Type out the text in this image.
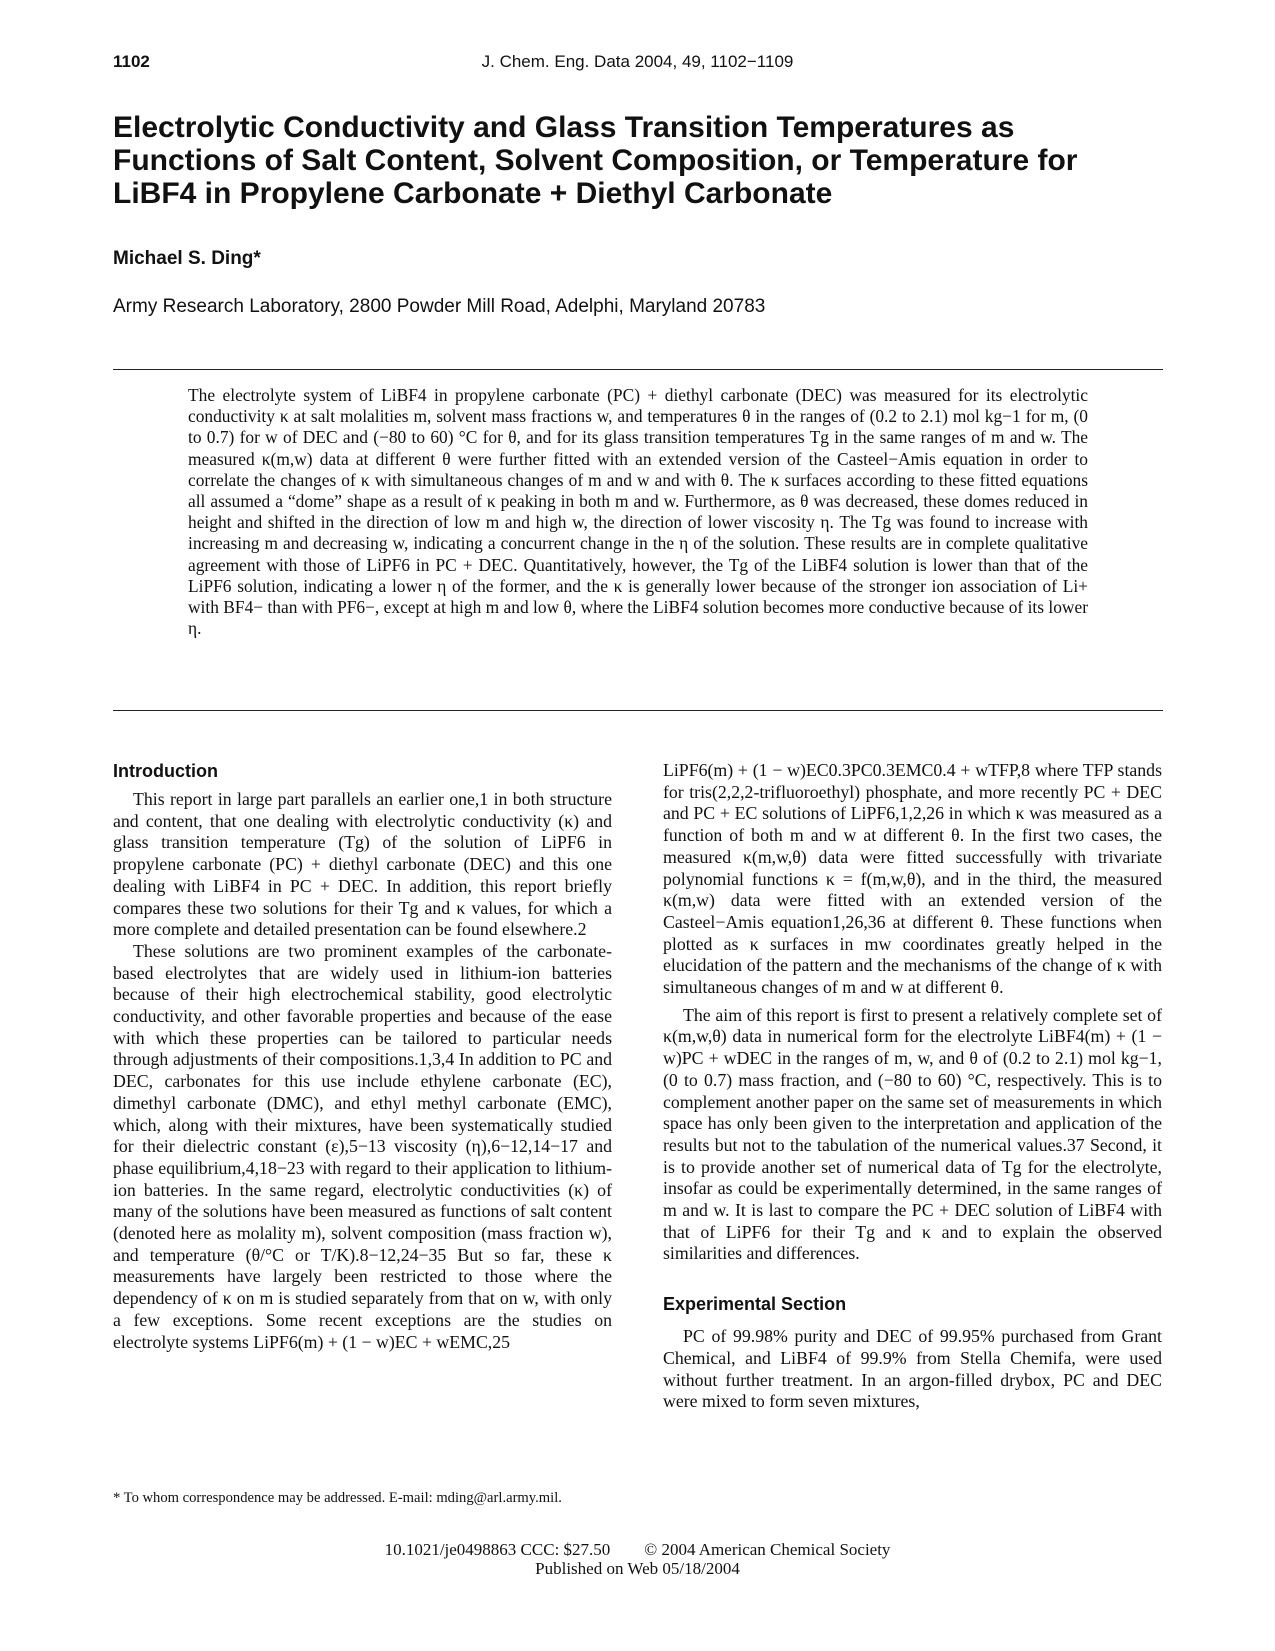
1102	J. Chem. Eng. Data 2004, 49, 1102−1109
Electrolytic Conductivity and Glass Transition Temperatures as Functions of Salt Content, Solvent Composition, or Temperature for LiBF4 in Propylene Carbonate + Diethyl Carbonate

Michael S. Ding*

Army Research Laboratory, 2800 Powder Mill Road, Adelphi, Maryland 20783

The electrolyte system of LiBF4 in propylene carbonate (PC) + diethyl carbonate (DEC) was measured for its electrolytic conductivity κ at salt molalities m, solvent mass fractions w, and temperatures θ in the ranges of (0.2 to 2.1) mol kg−1 for m, (0 to 0.7) for w of DEC and (−80 to 60) °C for θ, and for its glass transition temperatures Tg in the same ranges of m and w. The measured κ(m,w) data at different θ were further fitted with an extended version of the Casteel−Amis equation in order to correlate the changes of κ with simultaneous changes of m and w and with θ. The κ surfaces according to these fitted equations all assumed a “dome” shape as a result of κ peaking in both m and w. Furthermore, as θ was decreased, these domes reduced in height and shifted in the direction of low m and high w, the direction of lower viscosity η. The Tg was found to increase with increasing m and decreasing w, indicating a concurrent change in the η of the solution. These results are in complete qualitative agreement with those of LiPF6 in PC + DEC. Quantitatively, however, the Tg of the LiBF4 solution is lower than that of the LiPF6 solution, indicating a lower η of the former, and the κ is generally lower because of the stronger ion association of Li+ with BF4− than with PF6−, except at high m and low θ, where the LiBF4 solution becomes more conductive because of its lower η.

Introduction

This report in large part parallels an earlier one,1 in both structure and content, that one dealing with electrolytic conductivity (κ) and glass transition temperature (Tg) of the solution of LiPF6 in propylene carbonate (PC) + diethyl carbonate (DEC) and this one dealing with LiBF4 in PC + DEC. In addition, this report briefly compares these two solutions for their Tg and κ values, for which a more complete and detailed presentation can be found elsewhere.2

These solutions are two prominent examples of the carbonate-based electrolytes that are widely used in lithium-ion batteries because of their high electrochemical stability, good electrolytic conductivity, and other favorable properties and because of the ease with which these properties can be tailored to particular needs through adjustments of their compositions.1,3,4 In addition to PC and DEC, carbonates for this use include ethylene carbonate (EC), dimethyl carbonate (DMC), and ethyl methyl carbonate (EMC), which, along with their mixtures, have been systematically studied for their dielectric constant (ε),5−13 viscosity (η),6−12,14−17 and phase equilibrium,4,18−23 with regard to their application to lithium-ion batteries. In the same regard, electrolytic conductivities (κ) of many of the solutions have been measured as functions of salt content (denoted here as molality m), solvent composition (mass fraction w), and temperature (θ/°C or T/K).8−12,24−35 But so far, these κ measurements have largely been restricted to those where the dependency of κ on m is studied separately from that on w, with only a few exceptions. Some recent exceptions are the studies on electrolyte systems LiPF6(m) + (1 − w)EC + wEMC,25

* To whom correspondence may be addressed. E-mail: mding@arl.army.mil.

LiPF6(m) + (1 − w)EC0.3PC0.3EMC0.4 + wTFP,8 where TFP stands for tris(2,2,2-trifluoroethyl) phosphate, and more recently PC + DEC and PC + EC solutions of LiPF6,1,2,26 in which κ was measured as a function of both m and w at different θ. In the first two cases, the measured κ(m,w,θ) data were fitted successfully with trivariate polynomial functions κ = f(m,w,θ), and in the third, the measured κ(m,w) data were fitted with an extended version of the Casteel−Amis equation1,26,36 at different θ. These functions when plotted as κ surfaces in mw coordinates greatly helped in the elucidation of the pattern and the mechanisms of the change of κ with simultaneous changes of m and w at different θ.

The aim of this report is first to present a relatively complete set of κ(m,w,θ) data in numerical form for the electrolyte LiBF4(m) + (1 − w)PC + wDEC in the ranges of m, w, and θ of (0.2 to 2.1) mol kg−1, (0 to 0.7) mass fraction, and (−80 to 60) °C, respectively. This is to complement another paper on the same set of measurements in which space has only been given to the interpretation and application of the results but not to the tabulation of the numerical values.37 Second, it is to provide another set of numerical data of Tg for the electrolyte, insofar as could be experimentally determined, in the same ranges of m and w. It is last to compare the PC + DEC solution of LiBF4 with that of LiPF6 for their Tg and κ and to explain the observed similarities and differences.

Experimental Section

PC of 99.98% purity and DEC of 99.95% purchased from Grant Chemical, and LiBF4 of 99.9% from Stella Chemifa, were used without further treatment. In an argon-filled drybox, PC and DEC were mixed to form seven mixtures,

10.1021/je0498863 CCC: $27.50 © 2004 American Chemical Society
Published on Web 05/18/2004
